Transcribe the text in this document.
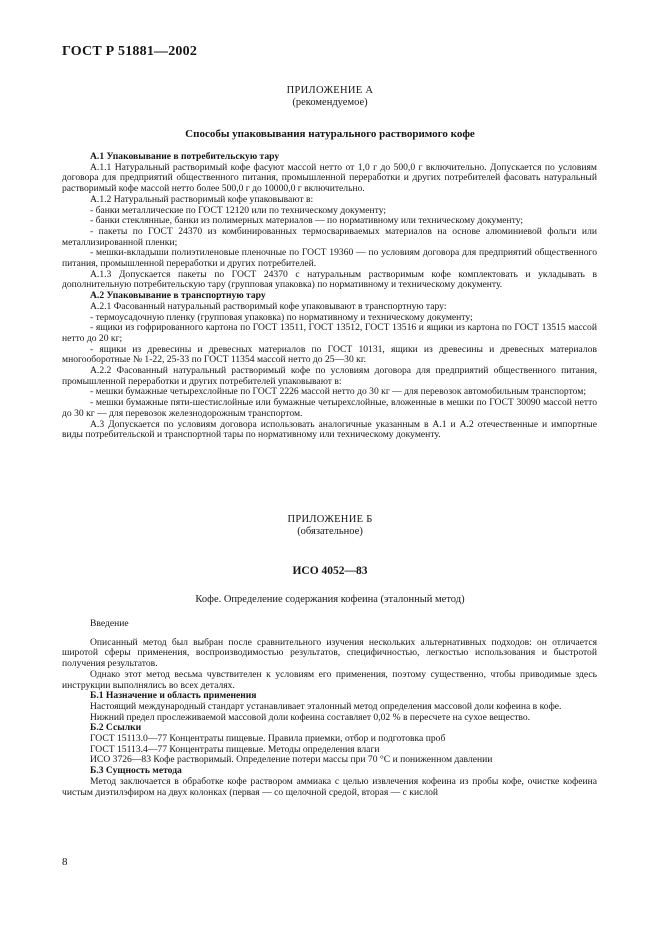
ГОСТ Р 51881—2002
ПРИЛОЖЕНИЕ А
(рекомендуемое)
Способы упаковывания натурального растворимого кофе

А.1 Упаковывание в потребительскую тару

А.1.1 Натуральный растворимый кофе фасуют массой нетто от 1,0 г до 500,0 г включительно. Допускается по условиям договора для предприятий общественного питания, промышленной переработки и других потребителей фасовать натуральный растворимый кофе массой нетто более 500,0 г до 10000,0 г включительно.

А.1.2 Натуральный растворимый кофе упаковывают в:

- банки металлические по ГОСТ 12120 или по техническому документу;

- банки стеклянные, банки из полимерных материалов — по нормативному или техническому документу;

- пакеты по ГОСТ 24370 из комбинированных термосвариваемых материалов на основе алюминиевой фольги или металлизированной пленки;

- мешки-вкладыши полиэтиленовые пленочные по ГОСТ 19360 — по условиям договора для предприятий общественного питания, промышленной переработки и других потребителей.

А.1.3 Допускается пакеты по ГОСТ 24370 с натуральным растворимым кофе комплектовать и укладывать в дополнительную потребительскую тару (групповая упаковка) по нормативному и техническому документу.

А.2 Упаковывание в транспортную тару

А.2.1 Фасованный натуральный растворимый кофе упаковывают в транспортную тару:

- термоусадочную пленку (групповая упаковка) по нормативному и техническому документу;

- ящики из гофрированного картона по ГОСТ 13511, ГОСТ 13512, ГОСТ 13516 и ящики из картона по ГОСТ 13515 массой нетто до 20 кг;

- ящики из древесины и древесных материалов по ГОСТ 10131, ящики из древесины и древесных материалов многооборотные № 1-22, 25-33 по ГОСТ 11354 массой нетто до 25—30 кг.

А.2.2 Фасованный натуральный растворимый кофе по условиям договора для предприятий общественного питания, промышленной переработки и других потребителей упаковывают в:

- мешки бумажные четырехслойные по ГОСТ 2226 массой нетто до 30 кг — для перевозок автомобильным транспортом;

- мешки бумажные пяти-шестислойные или бумажные четырехслойные, вложенные в мешки по ГОСТ 30090 массой нетто до 30 кг — для перевозок железнодорожным транспортом.

А.3 Допускается по условиям договора использовать аналогичные указанным в А.1 и А.2 отечественные и импортные виды потребительской и транспортной тары по нормативному или техническому документу.

ПРИЛОЖЕНИЕ Б
(обязательное)
ИСО 4052—83
Кофе. Определение содержания кофеина (эталонный метод)

Введение

Описанный метод был выбран после сравнительного изучения нескольких альтернативных подходов: он отличается широтой сферы применения, воспроизводимостью результатов, специфичностью, легкостью использования и быстротой получения результатов.

Однако этот метод весьма чувствителен к условиям его применения, поэтому существенно, чтобы приводимые здесь инструкции выполнялись во всех деталях.

Б.1 Назначение и область применения

Настоящий международный стандарт устанавливает эталонный метод определения массовой доли кофеина в кофе.

Нижний предел прослеживаемой массовой доли кофеина составляет 0,02 % в пересчете на сухое вещество.

Б.2 Ссылки

ГОСТ 15113.0—77 Концентраты пищевые. Правила приемки, отбор и подготовка проб

ГОСТ 15113.4—77 Концентраты пищевые. Методы определения влаги

ИСО 3726—83 Кофе растворимый. Определение потери массы при 70 °С и пониженном давлении

Б.3 Сущность метода

Метод заключается в обработке кофе раствором аммиака с целью извлечения кофеина из пробы кофе, очистке кофеина чистым диэтилэфиром на двух колонках (первая — со щелочной средой, вторая — с кислой

8
